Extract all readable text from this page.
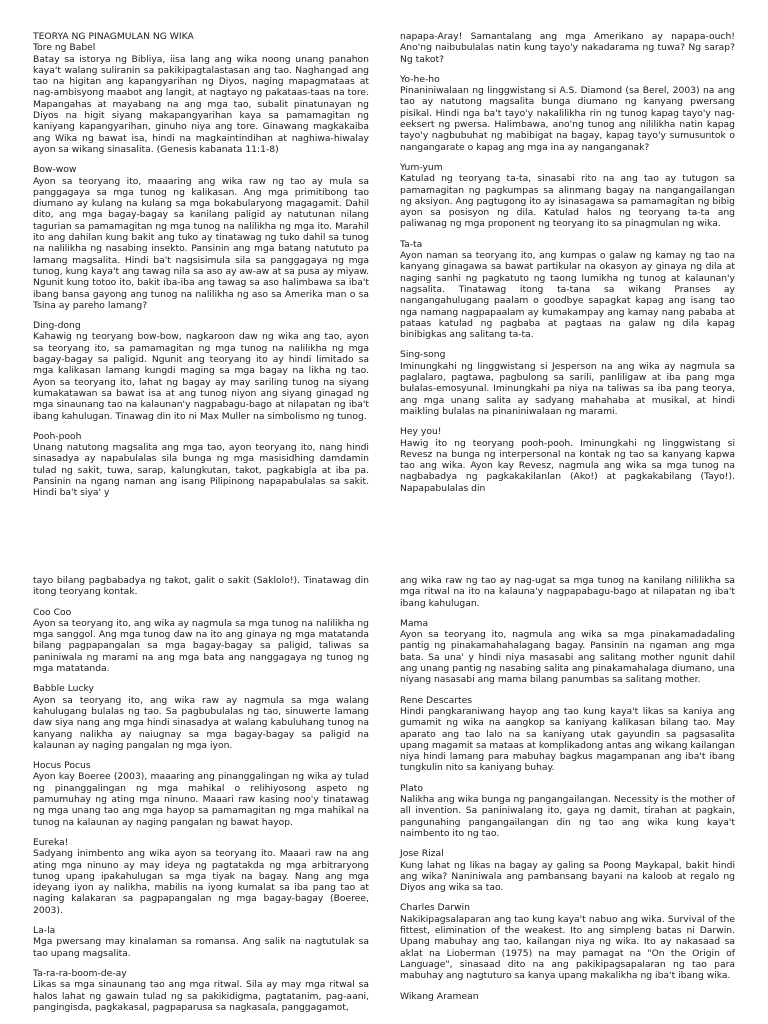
TEORYA NG PINAGMULAN NG WIKA
Tore ng Babel

Batay sa istorya ng Bibliya, iisa lang ang wika noong unang panahon kaya't walang suliranin sa pakikipagtalastasan ang tao. Naghangad ang tao na higitan ang kapangyarihan ng Diyos, naging mapagmataas at nag-ambisyong maabot ang langit, at nagtayo ng pakataas-taas na tore. Mapangahas at mayabang na ang mga tao, subalit pinatunayan ng Diyos na higit siyang makapangyarihan kaya sa pamamagitan ng kaniyang kapangyarihan, ginuho niya ang tore. Ginawang magkakaiba ang Wika ng bawat isa, hindi na magkaintindihan at naghiwa-hiwalay ayon sa wikang sinasalita. (Genesis kabanata 11:1-8)

Bow-wow

Ayon sa teoryang ito, maaaring ang wika raw ng tao ay mula sa panggagaya sa mga tunog ng kalikasan. Ang mga primitibong tao diumano ay kulang na kulang sa mga bokabularyong magagamit. Dahil dito, ang mga bagay-bagay sa kanilang paligid ay natutunan nilang tagurian sa pamamagitan ng mga tunog na nalilikha ng mga ito. Marahil ito ang dahilan kung bakit ang tuko ay tinatawag ng tuko dahil sa tunog na nalilikha ng nasabing insekto. Pansinin ang mga batang natututo pa lamang magsalita. Hindi ba't nagsisimula sila sa panggagaya ng mga tunog, kung kaya't ang tawag nila sa aso ay aw-aw at sa pusa ay miyaw. Ngunit kung totoo ito, bakit iba-iba ang tawag sa aso halimbawa sa iba't ibang bansa gayong ang tunog na nalilikha ng aso sa Amerika man o sa Tsina ay pareho lamang?

Ding-dong

Kahawig ng teoryang bow-bow, nagkaroon daw ng wika ang tao, ayon sa teoryang ito, sa pamamagitan ng mga tunog na nalilikha ng mga bagay-bagay sa paligid. Ngunit ang teoryang ito ay hindi limitado sa mga kalikasan lamang kungdi maging sa mga bagay na likha ng tao. Ayon sa teoryang ito, lahat ng bagay ay may sariling tunog na siyang kumakatawan sa bawat isa at ang tunog niyon ang siyang ginagad ng mga sinaunang tao na kalaunan'y nagpabagu-bago at nilapatan ng iba't ibang kahulugan. Tinawag din ito ni Max Muller na simbolismo ng tunog.

Pooh-pooh

Unang natutong magsalita ang mga tao, ayon teoryang ito, nang hindi sinasadya ay napabulalas sila bunga ng mga masisidhing damdamin tulad ng sakit, tuwa, sarap, kalungkutan, takot, pagkabigla at iba pa. Pansinin na ngang naman ang isang Pilipinong napapabulalas sa sakit. Hindi ba't siya' y

napapa-Aray! Samantalang ang mga Amerikano ay napapa-ouch! Ano'ng naibubulalas natin kung tayo'y nakadarama ng tuwa? Ng sarap? Ng takot?

Yo-he-ho

Pinaniniwalaan ng linggwistang si A.S. Diamond (sa Berel, 2003) na ang tao ay natutong magsalita bunga diumano ng kanyang pwersang pisikal. Hindi nga ba't tayo'y nakalilikha rin ng tunog kapag tayo'y nag-eeksert ng pwersa. Halimbawa, ano'ng tunog ang nililikha natin kapag tayo'y nagbubuhat ng mabibigat na bagay, kapag tayo'y sumusuntok o nangangarate o kapag ang mga ina ay nanganganak?

Yum-yum

Katulad ng teoryang ta-ta, sinasabi rito na ang tao ay tutugon sa pamamagitan ng pagkumpas sa alinmang bagay na nangangailangan ng aksiyon. Ang pagtugong ito ay isinasagawa sa pamamagitan ng bibig ayon sa posisyon ng dila. Katulad halos ng teoryang ta-ta ang paliwanag ng mga proponent ng teoryang ito sa pinagmulan ng wika.

Ta-ta

Ayon naman sa teoryang ito, ang kumpas o galaw ng kamay ng tao na kanyang ginagawa sa bawat partikular na okasyon ay ginaya ng dila at naging sanhi ng pagkatuto ng taong lumikha ng tunog at kalaunan'y nagsalita. Tinatawag itong ta-tana sa wikang Pranses ay nangangahulugang paalam o goodbye sapagkat kapag ang isang tao nga namang nagpapaalam ay kumakampay ang kamay nang pababa at pataas katulad ng pagbaba at pagtaas na galaw ng dila kapag binibigkas ang salitang ta-ta.

Sing-song

Iminungkahi ng linggwistang si Jesperson na ang wika ay nagmula sa paglalaro, pagtawa, pagbulong sa sarili, panliligaw at iba pang mga bulalas-emosyunal. Iminungkahi pa niya na taliwas sa iba pang teorya, ang mga unang salita ay sadyang mahahaba at musikal, at hindi maikling bulalas na pinaniniwalaan ng marami.

Hey you!

Hawig ito ng teoryang pooh-pooh. Iminungkahi ng linggwistang si Revesz na bunga ng interpersonal na kontak ng tao sa kanyang kapwa tao ang wika. Ayon kay Revesz, nagmula ang wika sa mga tunog na nagbabadya ng pagkakakilanlan (Ako!) at pagkakabilang (Tayo!). Napapabulalas din

tayo bilang pagbabadya ng takot, galit o sakit (Saklolo!). Tinatawag din itong teoryang kontak.

Coo Coo

Ayon sa teoryang ito, ang wika ay nagmula sa mga tunog na nalilikha ng mga sanggol. Ang mga tunog daw na ito ang ginaya ng mga matatanda bilang pagpapangalan sa mga bagay-bagay sa paligid, taliwas sa paniniwala ng marami na ang mga bata ang nanggagaya ng tunog ng mga matatanda.

Babble Lucky

Ayon sa teoryang ito, ang wika raw ay nagmula sa mga walang kahulugang bulalas ng tao. Sa pagbubulalas ng tao, sinuwerte lamang daw siya nang ang mga hindi sinasadya at walang kabuluhang tunog na kanyang nalikha ay naiugnay sa mga bagay-bagay sa paligid na kalaunan ay naging pangalan ng mga iyon.

Hocus Pocus

Ayon kay Boeree (2003), maaaring ang pinanggalingan ng wika ay tulad ng pinanggalingan ng mga mahikal o relihiyosong aspeto ng pamumuhay ng ating mga ninuno. Maaari raw kasing noo'y tinatawag ng mga unang tao ang mga hayop sa pamamagitan ng mga mahikal na tunog na kalaunan ay naging pangalan ng bawat hayop.

Eureka!

Sadyang inimbento ang wika ayon sa teoryang ito. Maaari raw na ang ating mga ninuno ay may ideya ng pagtatakda ng mga arbitraryong tunog upang ipakahulugan sa mga tiyak na bagay. Nang ang mga ideyang iyon ay nalikha, mabilis na iyong kumalat sa iba pang tao at naging kalakaran sa pagpapangalan ng mga bagay-bagay (Boeree, 2003).

La-la

Mga pwersang may kinalaman sa romansa. Ang salik na nagtutulak sa tao upang magsalita.

Ta-ra-ra-boom-de-ay

Likas sa mga sinaunang tao ang mga ritwal. Sila ay may mga ritwal sa halos lahat ng gawain tulad ng sa pakikidigma, pagtatanim, pag-aani, pangingisda, pagkakasal, pagpaparusa sa nagkasala, panggagamot,

ang wika raw ng tao ay nag-ugat sa mga tunog na kanilang nililikha sa mga ritwal na ito na kalauna'y nagpapabagu-bago at nilapatan ng iba't ibang kahulugan.

Mama

Ayon sa teoryang ito, nagmula ang wika sa mga pinakamadadaling pantig ng pinakamahahalagang bagay. Pansinin na ngaman ang mga bata. Sa una' y hindi niya masasabi ang salitang mother ngunit dahil ang unang pantig ng nasabing salita ang pinakamahalaga diumano, una niyang nasasabi ang mama bilang panumbas sa salitang mother.

Rene Descartes

Hindi pangkaraniwang hayop ang tao kung kaya't likas sa kaniya ang gumamit ng wika na aangkop sa kaniyang kalikasan bilang tao. May aparato ang tao lalo na sa kaniyang utak gayundin sa pagsasalita upang magamit sa mataas at komplikadong antas ang wikang kailangan niya hindi lamang para mabuhay bagkus magampanan ang iba't ibang tungkulin nito sa kaniyang buhay.

Plato

Nalikha ang wika bunga ng pangangailangan. Necessity is the mother of all invention. Sa paniniwalang ito, gaya ng damit, tirahan at pagkain, pangunahing pangangailangan din ng tao ang wika kung kaya't naimbento ito ng tao.

Jose Rizal

Kung lahat ng likas na bagay ay galing sa Poong Maykapal, bakit hindi ang wika? Naniniwala ang pambansang bayani na kaloob at regalo ng Diyos ang wika sa tao.

Charles Darwin

Nakikipagsalaparan ang tao kung kaya't nabuo ang wika. Survival of the fittest, elimination of the weakest. Ito ang simpleng batas ni Darwin. Upang mabuhay ang tao, kailangan niya ng wika. Ito ay nakasaad sa aklat na Lioberman (1975) na may pamagat na "On the Origin of Language", sinasaad dito na ang pakikipagsapalaran ng tao para mabuhay ang nagtuturo sa kanya upang makalikha ng iba't ibang wika.

Wikang Aramean
